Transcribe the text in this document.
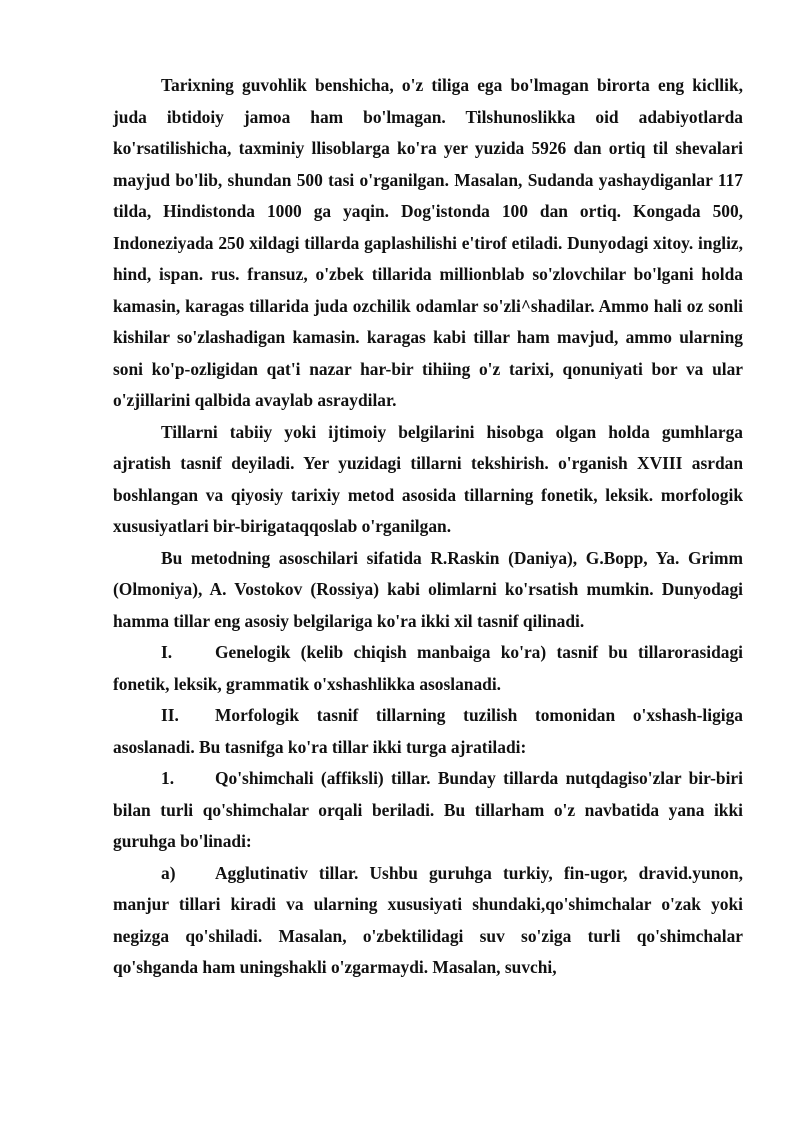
Tarixning guvohlik benshicha, o'z tiliga ega bo'lmagan birorta eng kicllik, juda ibtidoiy jamoa ham bo'lmagan. Tilshunoslikka oid adabiyotlarda ko'rsatilishicha, taxminiy llisoblarga ko'ra yer yuzida 5926 dan ortiq til shevalari mayjud bo'lib, shundan 500 tasi o'rganilgan. Masalan, Sudanda yashaydiganlar 117 tilda, Hindistonda 1000 ga yaqin. Dog'istonda 100 dan ortiq. Kongada 500, Indoneziyada 250 xildagi tillarda gaplashilishi e'tirof etiladi. Dunyodagi xitoy. ingliz, hind, ispan. rus. fransuz, o'zbek tillarida millionblab so'zlovchilar bo'lgani holda kamasin, karagas tillarida juda ozchilik odamlar so'zli^shadilar. Ammo hali oz sonli kishilar so'zlashadigan kamasin. karagas kabi tillar ham mavjud, ammo ularning soni ko'p-ozligidan qat'i nazar har-bir tihiing o'z tarixi, qonuniyati bor va ular o'zjillarini qalbida avaylab asraydilar.

Tillarni tabiiy yoki ijtimoiy belgilarini hisobga olgan holda gumhlarga ajratish tasnif deyiladi. Yer yuzidagi tillarni tekshirish. o'rganish XVIII asrdan boshlangan va qiyosiy tarixiy metod asosida tillarning fonetik, leksik. morfologik xususiyatlari bir-birigataqqoslab o'rganilgan.

Bu metodning asoschilari sifatida R.Raskin (Daniya), G.Bopp, Ya. Grimm (Olmoniya), A. Vostokov (Rossiya) kabi olimlarni ko'rsatish mumkin. Dunyodagi hamma tillar eng asosiy belgilariga ko'ra ikki xil tasnif qilinadi.

I. Genelogik (kelib chiqish manbaiga ko'ra) tasnif bu tillarorasidagi fonetik, leksik, grammatik o'xshashlikka asoslanadi.

II. Morfologik tasnif tillarning tuzilish tomonidan o'xshash-ligiga asoslanadi. Bu tasnifga ko'ra tillar ikki turga ajratiladi:

1. Qo'shimchali (affiksli) tillar. Bunday tillarda nutqdagiso'zlar bir-biri bilan turli qo'shimchalar orqali beriladi. Bu tillarham o'z navbatida yana ikki guruhga bo'linadi:

a) Agglutinativ tillar. Ushbu guruhga turkiy, fin-ugor, dravid.yunon, manjur tillari kiradi va ularning xususiyati shundaki,qo'shimchalar o'zak yoki negizga qo'shiladi. Masalan, o'zbektilidagi suv so'ziga turli qo'shimchalar qo'shganda ham uningshakli o'zgarmaydi. Masalan, suvchi,
